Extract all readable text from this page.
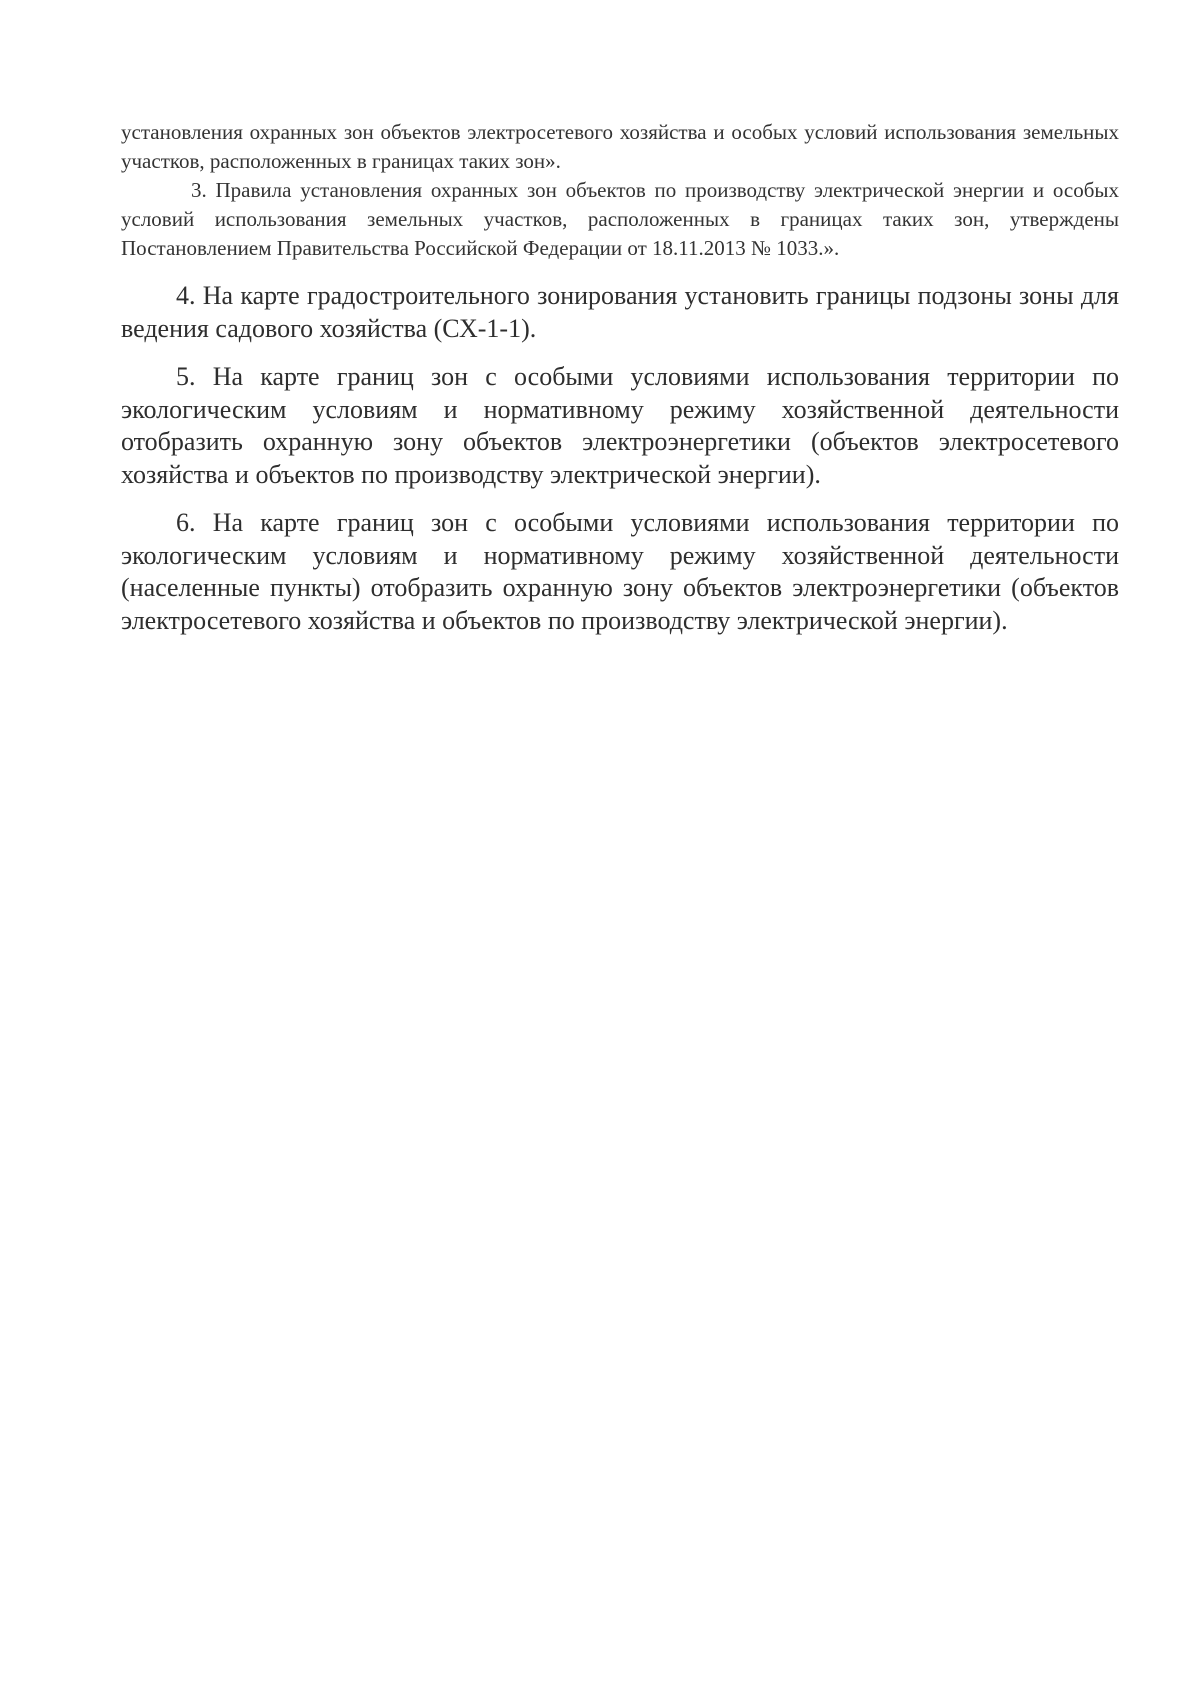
установления охранных зон объектов электросетевого хозяйства и особых условий использования земельных участков, расположенных в границах таких зон».

3. Правила установления охранных зон объектов по производству электрической энергии и особых условий использования земельных участков, расположенных в границах таких зон, утверждены Постановлением Правительства Российской Федерации от 18.11.2013 № 1033.».

4. На карте градостроительного зонирования установить границы подзоны зоны для ведения садового хозяйства (СХ-1-1).

5. На карте границ зон с особыми условиями использования территории по экологическим условиям и нормативному режиму хозяйственной деятельности отобразить охранную зону объектов электроэнергетики (объектов электросетевого хозяйства и объектов по производству электрической энергии).

6. На карте границ зон с особыми условиями использования территории по экологическим условиям и нормативному режиму хозяйственной деятельности (населенные пункты) отобразить охранную зону объектов электроэнергетики (объектов электросетевого хозяйства и объектов по производству электрической энергии).
